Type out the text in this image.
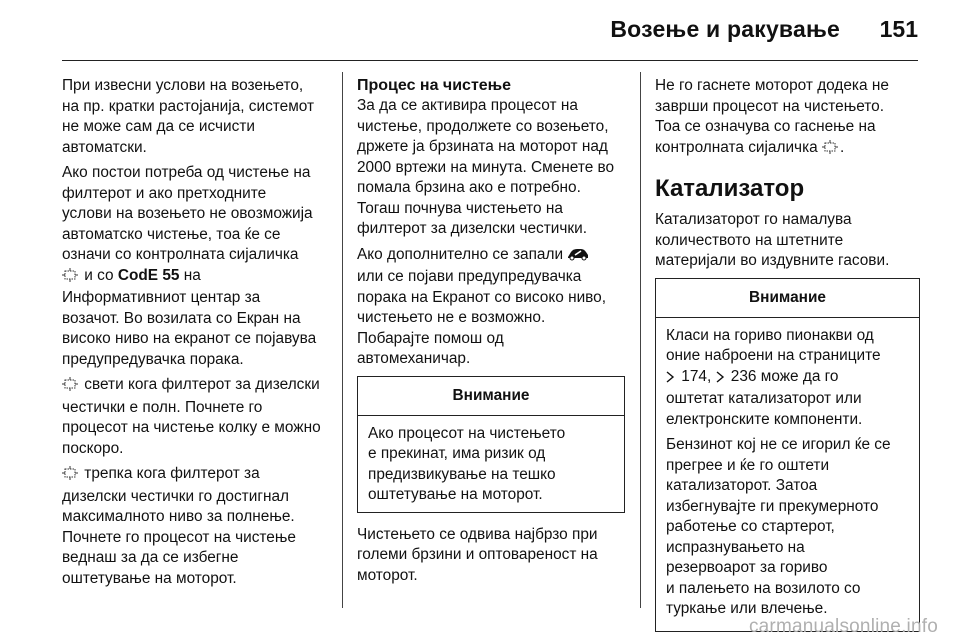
Возење и ракување 151
При извесни услови на возењето,
на пр. кратки растојанија, системот
не може сам да се исчисти
автоматски.
Ако постои потреба од чистење на
филтерот и ако претходните
услови на возењето не овозможија
автоматско чистење, тоа ќе се
означи со контролната сијаличка
и со CodE 55 на
Информативниот центар за
возачот. Во возилата со Екран на
високо ниво на екранот се појавува
предупредувачка порака.
свети кога филтерот за дизелски
честички е полн. Почнете го
процесот на чистење колку е можно
поскоро.
трепка кога филтерот за
дизелски честички го достигнал
максималното ниво за полнење.
Почнете го процесот на чистење
веднаш за да се избегне
оштетување на моторот.
Процес на чистење
За да се активира процесот на
чистење, продолжете со возењето,
држете ја брзината на моторот над
2000 вртежи на минута. Сменете во
помала брзина ако е потребно.
Тогаш почнува чистењето на
филтерот за дизелски честички.
Ако дополнително се запали
или се појави предупредувачка
порака на Екранот со високо ниво,
чистењето не е возможно.
Побарајте помош од
автомеханичар.
Внимание
Ако процесот на чистењето
е прекинат, има ризик од
предизвикување на тешко
оштетување на моторот.
Чистењето се одвива најбрзо при
големи брзини и оптовареност на
моторот.
Не го гаснете моторот додека не
заврши процесот на чистењето.
Тоа се означува со гаснење на
контролната сијаличка .
Катализатор
Катализаторот го намалува
количеството на штетните
материјали во издувните гасови.
Внимание
Класи на гориво пионакви од
оние наброени на страниците
174,  236 може да го
оштетат катализаторот или
електронските компоненти.
Бензинот кој не се игорил ќе се
прегрее и ќе го оштети
катализаторот. Затоа
избегнувајте ги прекумерното
работење со стартерот,
испразнувањето на
резервоарот за гориво
и палењето на возилото со
туркање или влечење.
carmanualsonline.info
